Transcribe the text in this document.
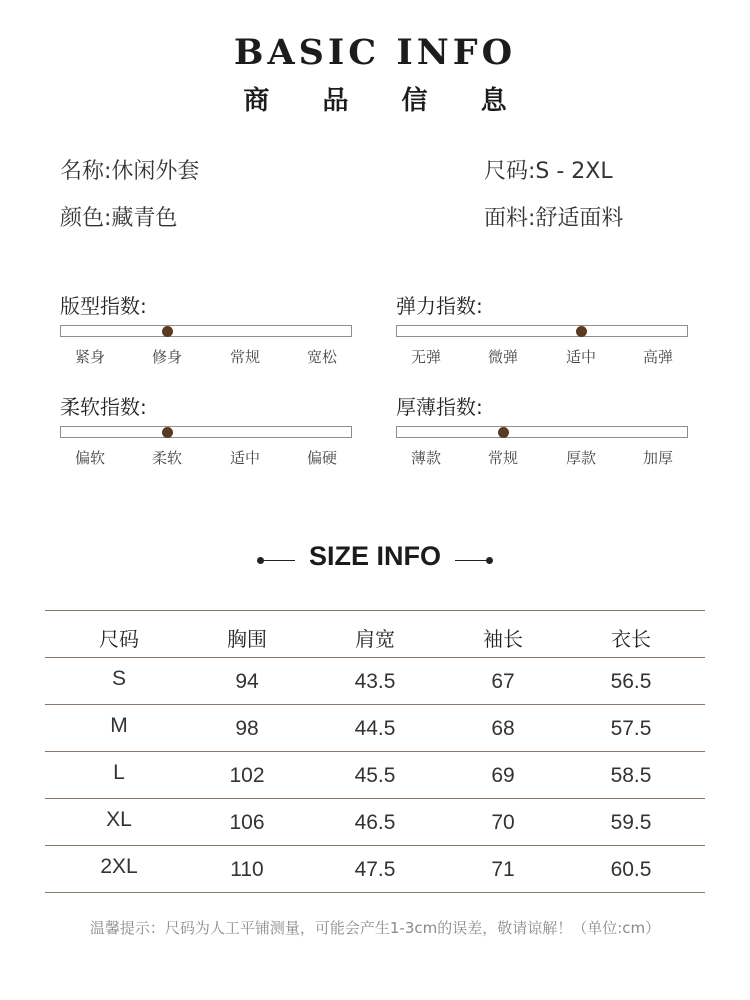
BASIC INFO
商 品 信 息
名称:休闲外套	尺码:S - 2XL
颜色:藏青色	面料:舒适面料
版型指数:
紧身	修身	常规	宽松
弹力指数:
无弹	微弹	适中	高弹
柔软指数:
偏软	柔软	适中	偏硬
厚薄指数:
薄款	常规	厚款	加厚
SIZE INFO
尺码	胸围	肩宽	袖长	衣长
S	94	43.5	67	56.5
M	98	44.5	68	57.5
L	102	45.5	69	58.5
XL	106	46.5	70	59.5
2XL	110	47.5	71	60.5
温馨提示：尺码为人工平铺测量，可能会产生1-3cm的误差，敬请谅解！（单位:cm）
